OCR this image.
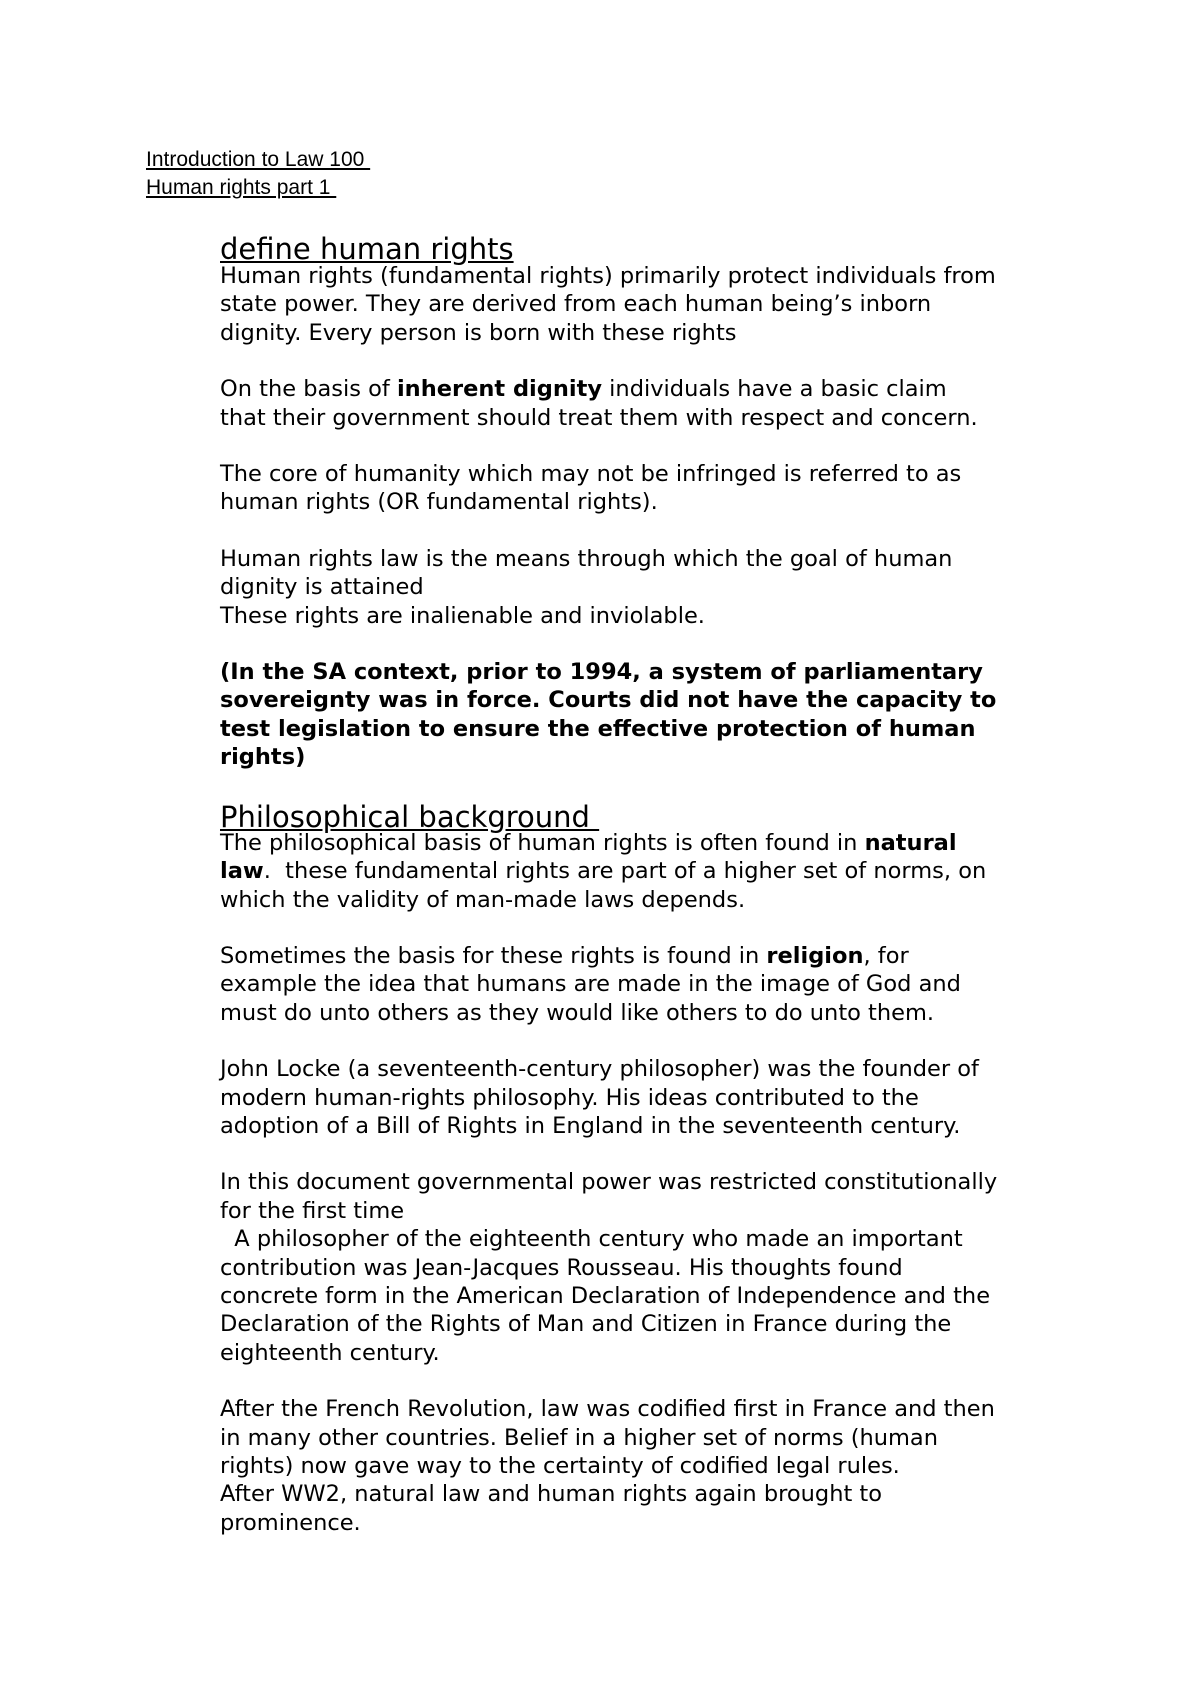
Introduction to Law 100
Human rights part 1
define human rights
Human rights (fundamental rights) primarily protect individuals from
state power. They are derived from each human being’s inborn
dignity. Every person is born with these rights
On the basis of inherent dignity individuals have a basic claim
that their government should treat them with respect and concern.
The core of humanity which may not be infringed is referred to as
human rights (OR fundamental rights).
Human rights law is the means through which the goal of human
dignity is attained
These rights are inalienable and inviolable.
(In the SA context, prior to 1994, a system of parliamentary
sovereignty was in force. Courts did not have the capacity to
test legislation to ensure the effective protection of human
rights)
Philosophical background
The philosophical basis of human rights is often found in natural
law.  these fundamental rights are part of a higher set of norms, on
which the validity of man-made laws depends.
Sometimes the basis for these rights is found in religion, for
example the idea that humans are made in the image of God and
must do unto others as they would like others to do unto them.
John Locke (a seventeenth-century philosopher) was the founder of
modern human-rights philosophy. His ideas contributed to the
adoption of a Bill of Rights in England in the seventeenth century.
In this document governmental power was restricted constitutionally
for the first time
A philosopher of the eighteenth century who made an important
contribution was Jean-Jacques Rousseau. His thoughts found
concrete form in the American Declaration of Independence and the
Declaration of the Rights of Man and Citizen in France during the
eighteenth century.
After the French Revolution, law was codified first in France and then
in many other countries. Belief in a higher set of norms (human
rights) now gave way to the certainty of codified legal rules.
After WW2, natural law and human rights again brought to
prominence.
